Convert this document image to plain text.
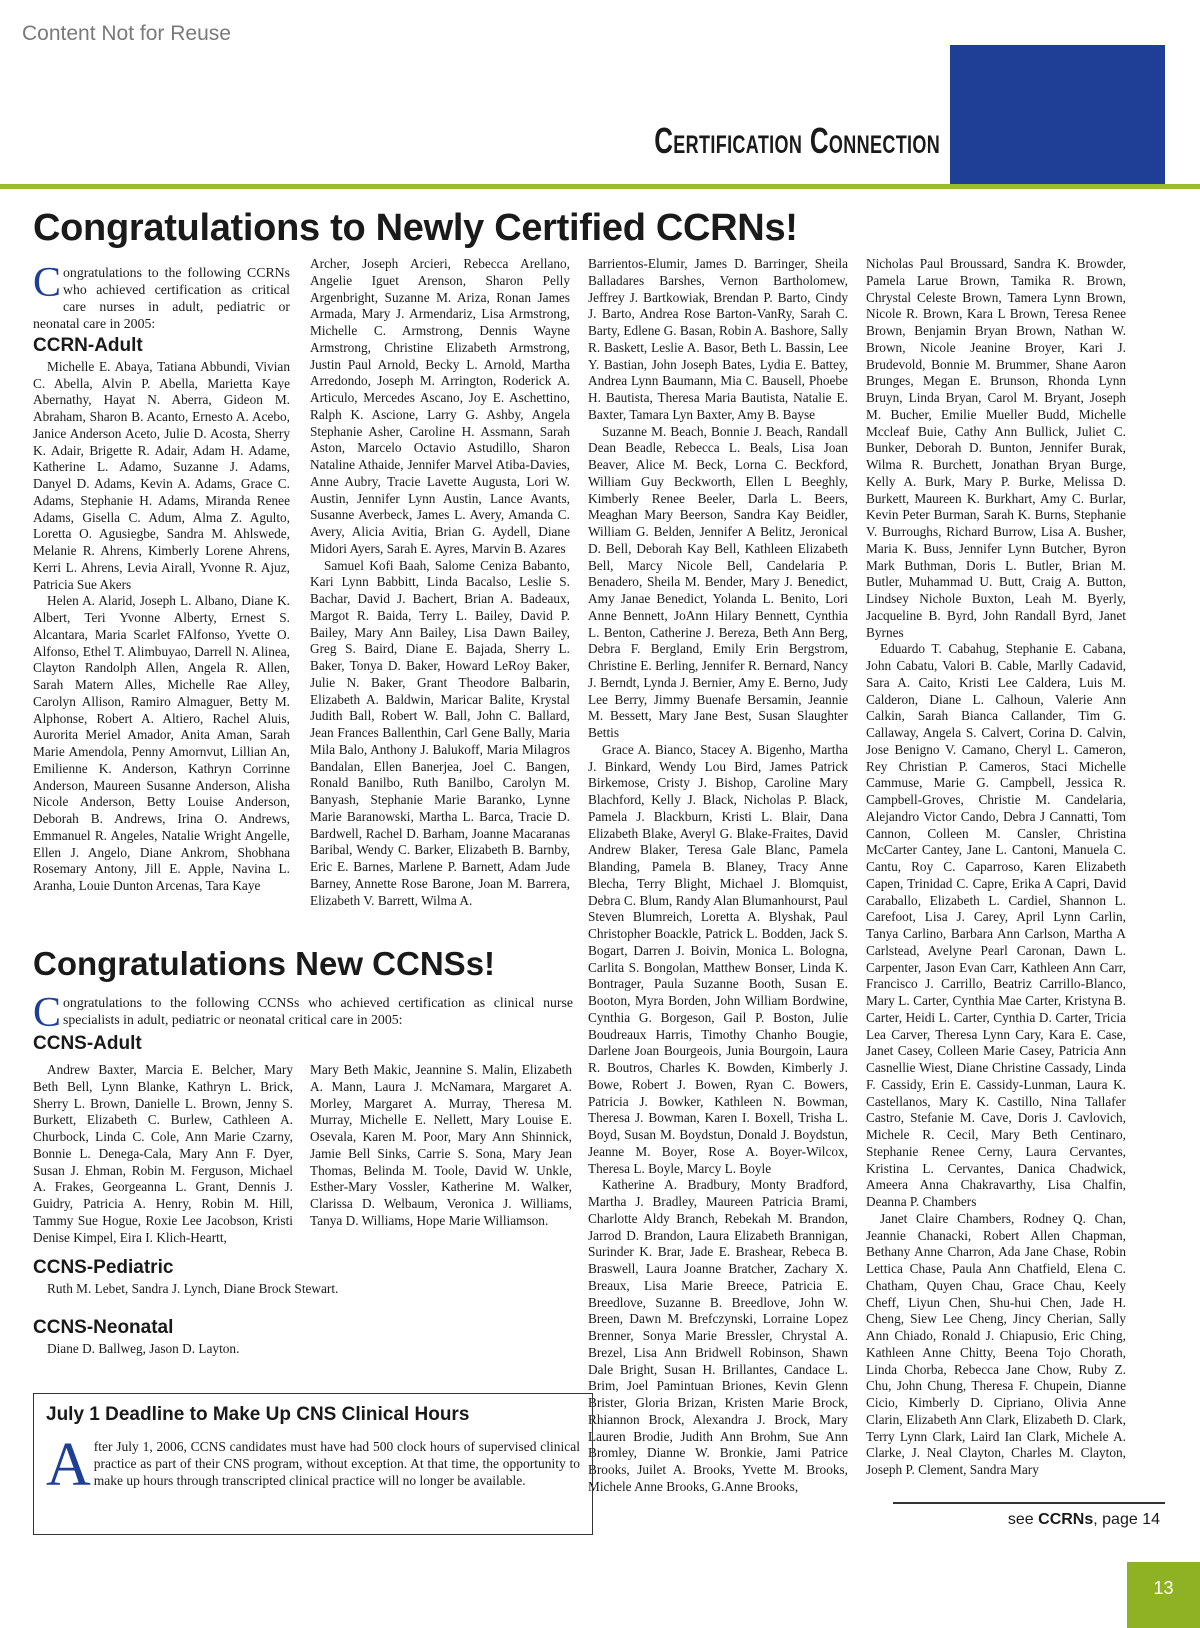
Content Not for Reuse
Certification Connection
Congratulations to Newly Certified CCRNs!
Congratulations to the following CCRNs who achieved certification as critical care nurses in adult, pediatric or neonatal care in 2005:
CCRN-Adult

Michelle E. Abaya, Tatiana Abbundi, Vivian C. Abella, Alvin P. Abella, Marietta Kaye Abernathy, Hayat N. Aberra, Gideon M. Abraham, Sharon B. Acanto, Ernesto A. Acebo, Janice Anderson Aceto, Julie D. Acosta, Sherry K. Adair, Brigette R. Adair, Adam H. Adame, Katherine L. Adamo, Suzanne J. Adams, Danyel D. Adams, Kevin A. Adams, Grace C. Adams, Stephanie H. Adams, Miranda Renee Adams, Gisella C. Adum, Alma Z. Agulto, Loretta O. Agusiegbe, Sandra M. Ahlswede, Melanie R. Ahrens, Kimberly Lorene Ahrens, Kerri L. Ahrens, Levia Airall, Yvonne R. Ajuz, Patricia Sue Akers

Helen A. Alarid, Joseph L. Albano, Diane K. Albert, Teri Yvonne Alberty, Ernest S. Alcantara, Maria Scarlet FAlfonso, Yvette O. Alfonso, Ethel T. Alimbuyao, Darrell N. Alinea, Clayton Randolph Allen, Angela R. Allen, Sarah Matern Alles, Michelle Rae Alley, Carolyn Allison, Ramiro Almaguer, Betty M. Alphonse, Robert A. Altiero, Rachel Aluis, Aurorita Meriel Amador, Anita Aman, Sarah Marie Amendola, Penny Amornvut, Lillian An, Emilienne K. Anderson, Kathryn Corrinne Anderson, Maureen Susanne Anderson, Alisha Nicole Anderson, Betty Louise Anderson, Deborah B. Andrews, Irina O. Andrews, Emmanuel R. Angeles, Natalie Wright Angelle, Ellen J. Angelo, Diane Ankrom, Shobhana Rosemary Antony, Jill E. Apple, Navina L. Aranha, Louie Dunton Arcenas, Tara Kaye

Archer, Joseph Arcieri, Rebecca Arellano, Angelie Iguet Arenson, Sharon Pelly Argenbright, Suzanne M. Ariza, Ronan James Armada, Mary J. Armendariz, Lisa Armstrong, Michelle C. Armstrong, Dennis Wayne Armstrong, Christine Elizabeth Armstrong, Justin Paul Arnold, Becky L. Arnold, Martha Arredondo, Joseph M. Arrington, Roderick A. Articulo, Mercedes Ascano, Joy E. Aschettino, Ralph K. Ascione, Larry G. Ashby, Angela Stephanie Asher, Caroline H. Assmann, Sarah Aston, Marcelo Octavio Astudillo, Sharon Nataline Athaide, Jennifer Marvel Atiba-Davies, Anne Aubry, Tracie Lavette Augusta, Lori W. Austin, Jennifer Lynn Austin, Lance Avants, Susanne Averbeck, James L. Avery, Amanda C. Avery, Alicia Avitia, Brian G. Aydell, Diane Midori Ayers, Sarah E. Ayres, Marvin B. Azares

Samuel Kofi Baah, Salome Ceniza Babanto, Kari Lynn Babbitt, Linda Bacalso, Leslie S. Bachar, David J. Bachert, Brian A. Badeaux, Margot R. Baida, Terry L. Bailey, David P. Bailey, Mary Ann Bailey, Lisa Dawn Bailey, Greg S. Baird, Diane E. Bajada, Sherry L. Baker, Tonya D. Baker, Howard LeRoy Baker, Julie N. Baker, Grant Theodore Balbarin, Elizabeth A. Baldwin, Maricar Balite, Krystal Judith Ball, Robert W. Ball, John C. Ballard, Jean Frances Ballenthin, Carl Gene Bally, Maria Mila Balo, Anthony J. Balukoff, Maria Milagros Bandalan, Ellen Banerjea, Joel C. Bangen, Ronald Banilbo, Ruth Banilbo, Carolyn M. Banyash, Stephanie Marie Baranko, Lynne Marie Baranowski, Martha L. Barca, Tracie D. Bardwell, Rachel D. Barham, Joanne Macaranas Baribal, Wendy C. Barker, Elizabeth B. Barnby, Eric E. Barnes, Marlene P. Barnett, Adam Jude Barney, Annette Rose Barone, Joan M. Barrera, Elizabeth V. Barrett, Wilma A.

Barrientos-Elumir, James D. Barringer, Sheila Balladares Barshes, Vernon Bartholomew, Jeffrey J. Bartkowiak, Brendan P. Barto, Cindy J. Barto, Andrea Rose Barton-VanRy, Sarah C. Barty, Edlene G. Basan, Robin A. Bashore, Sally R. Baskett, Leslie A. Basor, Beth L. Bassin, Lee Y. Bastian, John Joseph Bates, Lydia E. Battey, Andrea Lynn Baumann, Mia C. Bausell, Phoebe H. Bautista, Theresa Maria Bautista, Natalie E. Baxter, Tamara Lyn Baxter, Amy B. Bayse

Suzanne M. Beach, Bonnie J. Beach, Randall Dean Beadle, Rebecca L. Beals, Lisa Joan Beaver, Alice M. Beck, Lorna C. Beckford, William Guy Beckworth, Ellen L Beeghly, Kimberly Renee Beeler, Darla L. Beers, Meaghan Mary Beerson, Sandra Kay Beidler, William G. Belden, Jennifer A Belitz, Jeronical D. Bell, Deborah Kay Bell, Kathleen Elizabeth Bell, Marcy Nicole Bell, Candelaria P. Benadero, Sheila M. Bender, Mary J. Benedict, Amy Janae Benedict, Yolanda L. Benito, Lori Anne Bennett, JoAnn Hilary Bennett, Cynthia L. Benton, Catherine J. Bereza, Beth Ann Berg, Debra F. Bergland, Emily Erin Bergstrom, Christine E. Berling, Jennifer R. Bernard, Nancy J. Berndt, Lynda J. Bernier, Amy E. Berno, Judy Lee Berry, Jimmy Buenafe Bersamin, Jeannie M. Bessett, Mary Jane Best, Susan Slaughter Bettis

Grace A. Bianco, Stacey A. Bigenho, Martha J. Binkard, Wendy Lou Bird, James Patrick Birkemose, Cristy J. Bishop, Caroline Mary Blachford, Kelly J. Black, Nicholas P. Black, Pamela J. Blackburn, Kristi L. Blair, Dana Elizabeth Blake, Averyl G. Blake-Fraites, David Andrew Blaker, Teresa Gale Blanc, Pamela Blanding, Pamela B. Blaney, Tracy Anne Blecha, Terry Blight, Michael J. Blomquist, Debra C. Blum, Randy Alan Blumanhourst, Paul Steven Blumreich, Loretta A. Blyshak, Paul Christopher Boackle, Patrick L. Bodden, Jack S. Bogart, Darren J. Boivin, Monica L. Bologna, Carlita S. Bongolan, Matthew Bonser, Linda K. Bontrager, Paula Suzanne Booth, Susan E. Booton, Myra Borden, John William Bordwine, Cynthia G. Borgeson, Gail P. Boston, Julie Boudreaux Harris, Timothy Chanho Bougie, Darlene Joan Bourgeois, Junia Bourgoin, Laura R. Boutros, Charles K. Bowden, Kimberly J. Bowe, Robert J. Bowen, Ryan C. Bowers, Patricia J. Bowker, Kathleen N. Bowman, Theresa J. Bowman, Karen I. Boxell, Trisha L. Boyd, Susan M. Boydstun, Donald J. Boydstun, Jeanne M. Boyer, Rose A. Boyer-Wilcox, Theresa L. Boyle, Marcy L. Boyle

Katherine A. Bradbury, Monty Bradford, Martha J. Bradley, Maureen Patricia Brami, Charlotte Aldy Branch, Rebekah M. Brandon, Jarrod D. Brandon, Laura Elizabeth Brannigan, Surinder K. Brar, Jade E. Brashear, Rebeca B. Braswell, Laura Joanne Bratcher, Zachary X. Breaux, Lisa Marie Breece, Patricia E. Breedlove, Suzanne B. Breedlove, John W. Breen, Dawn M. Brefczynski, Lorraine Lopez Brenner, Sonya Marie Bressler, Chrystal A. Brezel, Lisa Ann Bridwell Robinson, Shawn Dale Bright, Susan H. Brillantes, Candace L. Brim, Joel Pamintuan Briones, Kevin Glenn Brister, Gloria Brizan, Kristen Marie Brock, Rhiannon Brock, Alexandra J. Brock, Mary Lauren Brodie, Judith Ann Brohm, Sue Ann Bromley, Dianne W. Bronkie, Jami Patrice Brooks, Juilet A. Brooks, Yvette M. Brooks, Michele Anne Brooks, G.Anne Brooks,

Nicholas Paul Broussard, Sandra K. Browder, Pamela Larue Brown, Tamika R. Brown, Chrystal Celeste Brown, Tamera Lynn Brown, Nicole R. Brown, Kara L Brown, Teresa Renee Brown, Benjamin Bryan Brown, Nathan W. Brown, Nicole Jeanine Broyer, Kari J. Brudevold, Bonnie M. Brummer, Shane Aaron Brunges, Megan E. Brunson, Rhonda Lynn Bruyn, Linda Bryan, Carol M. Bryant, Joseph M. Bucher, Emilie Mueller Budd, Michelle Mccleaf Buie, Cathy Ann Bullick, Juliet C. Bunker, Deborah D. Bunton, Jennifer Burak, Wilma R. Burchett, Jonathan Bryan Burge, Kelly A. Burk, Mary P. Burke, Melissa D. Burkett, Maureen K. Burkhart, Amy C. Burlar, Kevin Peter Burman, Sarah K. Burns, Stephanie V. Burroughs, Richard Burrow, Lisa A. Busher, Maria K. Buss, Jennifer Lynn Butcher, Byron Mark Buthman, Doris L. Butler, Brian M. Butler, Muhammad U. Butt, Craig A. Button, Lindsey Nichole Buxton, Leah M. Byerly, Jacqueline B. Byrd, John Randall Byrd, Janet Byrnes

Eduardo T. Cabahug, Stephanie E. Cabana, John Cabatu, Valori B. Cable, Marlly Cadavid, Sara A. Caito, Kristi Lee Caldera, Luis M. Calderon, Diane L. Calhoun, Valerie Ann Calkin, Sarah Bianca Callander, Tim G. Callaway, Angela S. Calvert, Corina D. Calvin, Jose Benigno V. Camano, Cheryl L. Cameron, Rey Christian P. Cameros, Staci Michelle Cammuse, Marie G. Campbell, Jessica R. Campbell-Groves, Christie M. Candelaria, Alejandro Victor Cando, Debra J Cannatti, Tom Cannon, Colleen M. Cansler, Christina McCarter Cantey, Jane L. Cantoni, Manuela C. Cantu, Roy C. Caparroso, Karen Elizabeth Capen, Trinidad C. Capre, Erika A Capri, David Caraballo, Elizabeth L. Cardiel, Shannon L. Carefoot, Lisa J. Carey, April Lynn Carlin, Tanya Carlino, Barbara Ann Carlson, Martha A Carlstead, Avelyne Pearl Caronan, Dawn L. Carpenter, Jason Evan Carr, Kathleen Ann Carr, Francisco J. Carrillo, Beatriz Carrillo-Blanco, Mary L. Carter, Cynthia Mae Carter, Kristyna B. Carter, Heidi L. Carter, Cynthia D. Carter, Tricia Lea Carver, Theresa Lynn Cary, Kara E. Case, Janet Casey, Colleen Marie Casey, Patricia Ann Casnellie Wiest, Diane Christine Cassady, Linda F. Cassidy, Erin E. Cassidy-Lunman, Laura K. Castellanos, Mary K. Castillo, Nina Tallafer Castro, Stefanie M. Cave, Doris J. Cavlovich, Michele R. Cecil, Mary Beth Centinaro, Stephanie Renee Cerny, Laura Cervantes, Kristina L. Cervantes, Danica Chadwick, Ameera Anna Chakravarthy, Lisa Chalfin, Deanna P. Chambers

Janet Claire Chambers, Rodney Q. Chan, Jeannie Chanacki, Robert Allen Chapman, Bethany Anne Charron, Ada Jane Chase, Robin Lettica Chase, Paula Ann Chatfield, Elena C. Chatham, Quyen Chau, Grace Chau, Keely Cheff, Liyun Chen, Shu-hui Chen, Jade H. Cheng, Siew Lee Cheng, Jincy Cherian, Sally Ann Chiado, Ronald J. Chiapusio, Eric Ching, Kathleen Anne Chitty, Beena Tojo Chorath, Linda Chorba, Rebecca Jane Chow, Ruby Z. Chu, John Chung, Theresa F. Chupein, Dianne Cicio, Kimberly D. Cipriano, Olivia Anne Clarin, Elizabeth Ann Clark, Elizabeth D. Clark, Terry Lynn Clark, Laird Ian Clark, Michele A. Clarke, J. Neal Clayton, Charles M. Clayton, Joseph P. Clement, Sandra Mary

Congratulations New CCNSs!
Congratulations to the following CCNSs who achieved certification as clinical nurse specialists in adult, pediatric or neonatal critical care in 2005:
CCNS-Adult

Andrew Baxter, Marcia E. Belcher, Mary Beth Bell, Lynn Blanke, Kathryn L. Brick, Sherry L. Brown, Danielle L. Brown, Jenny S. Burkett, Elizabeth C. Burlew, Cathleen A. Churbock, Linda C. Cole, Ann Marie Czarny, Bonnie L. Denega-Cala, Mary Ann F. Dyer, Susan J. Ehman, Robin M. Ferguson, Michael A. Frakes, Georgeanna L. Grant, Dennis J. Guidry, Patricia A. Henry, Robin M. Hill, Tammy Sue Hogue, Roxie Lee Jacobson, Kristi Denise Kimpel, Eira I. Klich-Heartt,

Mary Beth Makic, Jeannine S. Malin, Elizabeth A. Mann, Laura J. McNamara, Margaret A. Morley, Margaret A. Murray, Theresa M. Murray, Michelle E. Nellett, Mary Louise E. Osevala, Karen M. Poor, Mary Ann Shinnick, Jamie Bell Sinks, Carrie S. Sona, Mary Jean Thomas, Belinda M. Toole, David W. Unkle, Esther-Mary Vossler, Katherine M. Walker, Clarissa D. Welbaum, Veronica J. Williams, Tanya D. Williams, Hope Marie Williamson.

CCNS-Pediatric

Ruth M. Lebet, Sandra J. Lynch, Diane Brock Stewart.

CCNS-Neonatal

Diane D. Ballweg, Jason D. Layton.

July 1 Deadline to Make Up CNS Clinical Hours
After July 1, 2006, CCNS candidates must have had 500 clock hours of supervised clinical practice as part of their CNS program, without exception. At that time, the opportunity to make up hours through transcripted clinical practice will no longer be available.
see CCRNs, page 14
13
